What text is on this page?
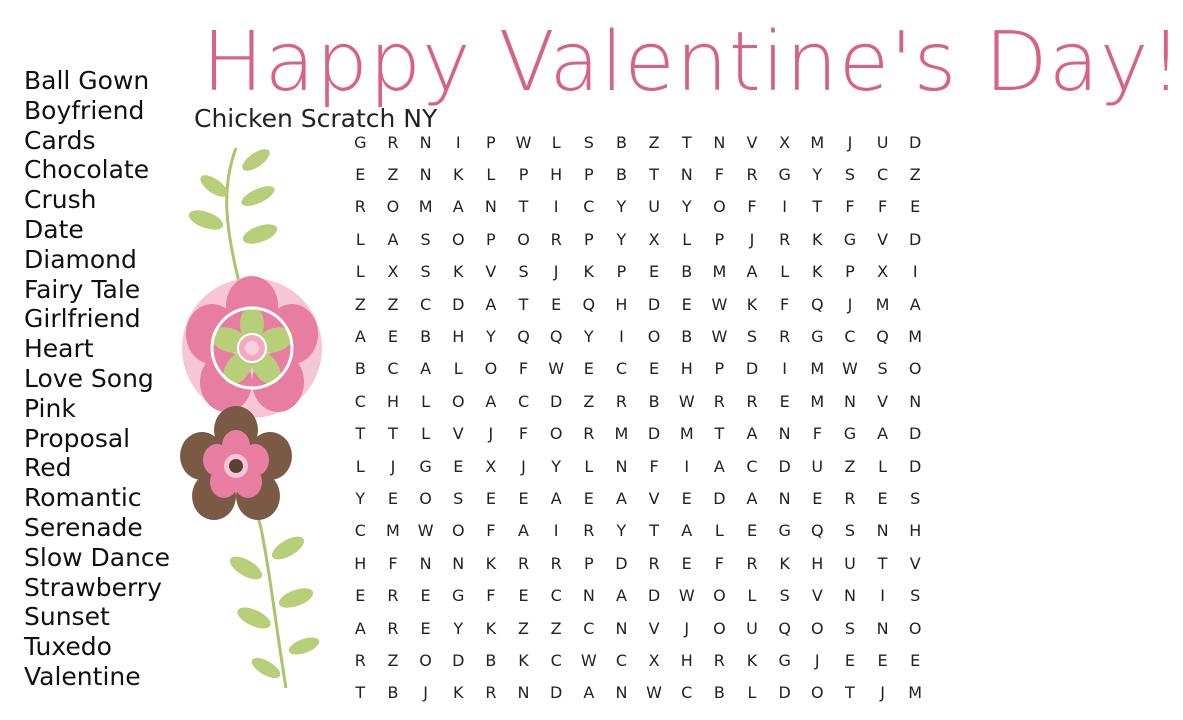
Happy Valentine's Day!
Chicken Scratch NY
Ball Gown
Boyfriend
Cards
Chocolate
Crush
Date
Diamond
Fairy Tale
Girlfriend
Heart
Love Song
Pink
Proposal
Red
Romantic
Serenade
Slow Dance
Strawberry
Sunset
Tuxedo
Valentine
G	R	N	I	P	W	L	S	B	Z	T	N	V	X	M	J	U	D
E	Z	N	K	L	P	H	P	B	T	N	F	R	G	Y	S	C	Z
R	O	M	A	N	T	I	C	Y	U	Y	O	F	I	T	F	F	E
L	A	S	O	P	O	R	P	Y	X	L	P	J	R	K	G	V	D
L	X	S	K	V	S	J	K	P	E	B	M	A	L	K	P	X	I
Z	Z	C	D	A	T	E	Q	H	D	E	W	K	F	Q	J	M	A
A	E	B	H	Y	Q	Q	Y	I	O	B	W	S	R	G	C	Q	M
B	C	A	L	O	F	W	E	C	E	H	P	D	I	M	W	S	O
C	H	L	O	A	C	D	Z	R	B	W	R	R	E	M	N	V	N
T	T	L	V	J	F	O	R	M	D	M	T	A	N	F	G	A	D
L	J	G	E	X	J	Y	L	N	F	I	A	C	D	U	Z	L	D
Y	E	O	S	E	E	A	E	A	V	E	D	A	N	E	R	E	S
C	M	W	O	F	A	I	R	Y	T	A	L	E	G	Q	S	N	H
H	F	N	N	K	R	R	P	D	R	E	F	R	K	H	U	T	V
E	R	E	G	F	E	C	N	A	D	W	O	L	S	V	N	I	S
A	R	E	Y	K	Z	Z	C	N	V	J	O	U	Q	O	S	N	O
R	Z	O	D	B	K	C	W	C	X	H	R	K	G	J	E	E	E
T	B	J	K	R	N	D	A	N	W	C	B	L	D	O	T	J	M
